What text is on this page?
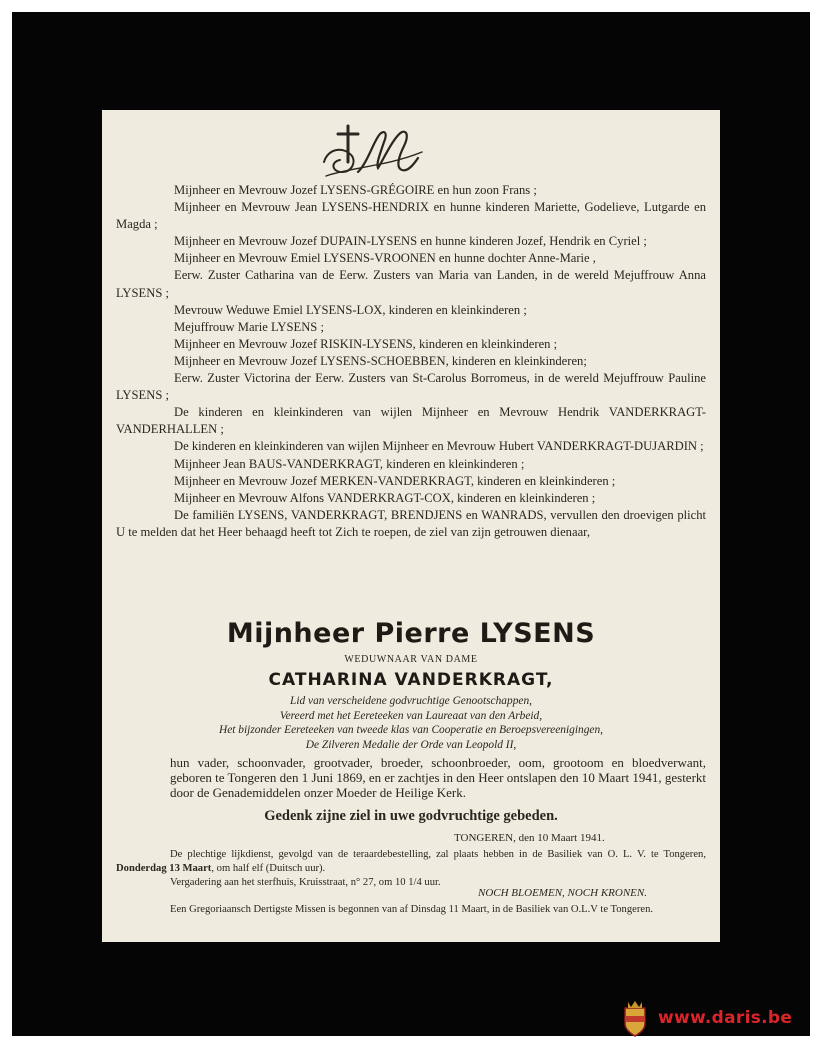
Mijnheer en Mevrouw Jozef LYSENS-GRÉGOIRE en hun zoon Frans ;

Mijnheer en Mevrouw Jean LYSENS-HENDRIX en hunne kinderen Mariette, Godelieve, Lutgarde en Magda ;

Mijnheer en Mevrouw Jozef DUPAIN-LYSENS en hunne kinderen Jozef, Hendrik en Cyriel ;

Mijnheer en Mevrouw Emiel LYSENS-VROONEN en hunne dochter Anne-Marie ,

Eerw. Zuster Catharina van de Eerw. Zusters van Maria van Landen, in de wereld Mejuffrouw Anna LYSENS ;

Mevrouw Weduwe Emiel LYSENS-LOX, kinderen en kleinkinderen ;

Mejuffrouw Marie LYSENS ;

Mijnheer en Mevrouw Jozef RISKIN-LYSENS, kinderen en kleinkinderen ;

Mijnheer en Mevrouw Jozef LYSENS-SCHOEBBEN, kinderen en kleinkinderen;

Eerw. Zuster Victorina der Eerw. Zusters van St-Carolus Borromeus, in de wereld Mejuffrouw Pauline LYSENS ;

De kinderen en kleinkinderen van wijlen Mijnheer en Mevrouw Hendrik VANDERKRAGT-VANDERHALLEN ;

De kinderen en kleinkinderen van wijlen Mijnheer en Mevrouw Hubert VANDERKRAGT-DUJARDIN ;

Mijnheer Jean BAUS-VANDERKRAGT, kinderen en kleinkinderen ;

Mijnheer en Mevrouw Jozef MERKEN-VANDERKRAGT, kinderen en kleinkinderen ;

Mijnheer en Mevrouw Alfons VANDERKRAGT-COX, kinderen en kleinkinderen ;

De familiën LYSENS, VANDERKRAGT, BRENDJENS en WANRADS, vervullen den droevigen plicht U te melden dat het Heer behaagd heeft tot Zich te roepen, de ziel van zijn getrouwen dienaar,

Mijnheer Pierre LYSENS
WEDUWNAAR VAN DAME
CATHARINA VANDERKRAGT,
Lid van verscheidene godvruchtige Genootschappen,
Vereerd met het Eereteeken van Laureaat van den Arbeid,
Het bijzonder Eereteeken van tweede klas van Cooperatie en Beroepsvereenigingen,
De Zilveren Medalie der Orde van Leopold II,
hun vader, schoonvader, grootvader, broeder, schoonbroeder, oom, grootoom en bloedverwant, geboren te Tongeren den 1 Juni 1869, en er zachtjes in den Heer ontslapen den 10 Maart 1941, gesterkt door de Genademiddelen onzer Moeder de Heilige Kerk.
Gedenk zijne ziel in uwe godvruchtige gebeden.
TONGEREN, den 10 Maart 1941.

De plechtige lijkdienst, gevolgd van de teraardebestelling, zal plaats hebben in de Basiliek van O. L. V. te Tongeren, Donderdag 13 Maart, om half elf (Duitsch uur).

Vergadering aan het sterfhuis, Kruisstraat, n° 27, om 10 1/4 uur.

NOCH BLOEMEN, NOCH KRONEN.

Een Gregoriaansch Dertigste Missen is begonnen van af Dinsdag 11 Maart, in de Basiliek van O.L.V te Tongeren.

www.daris.be
